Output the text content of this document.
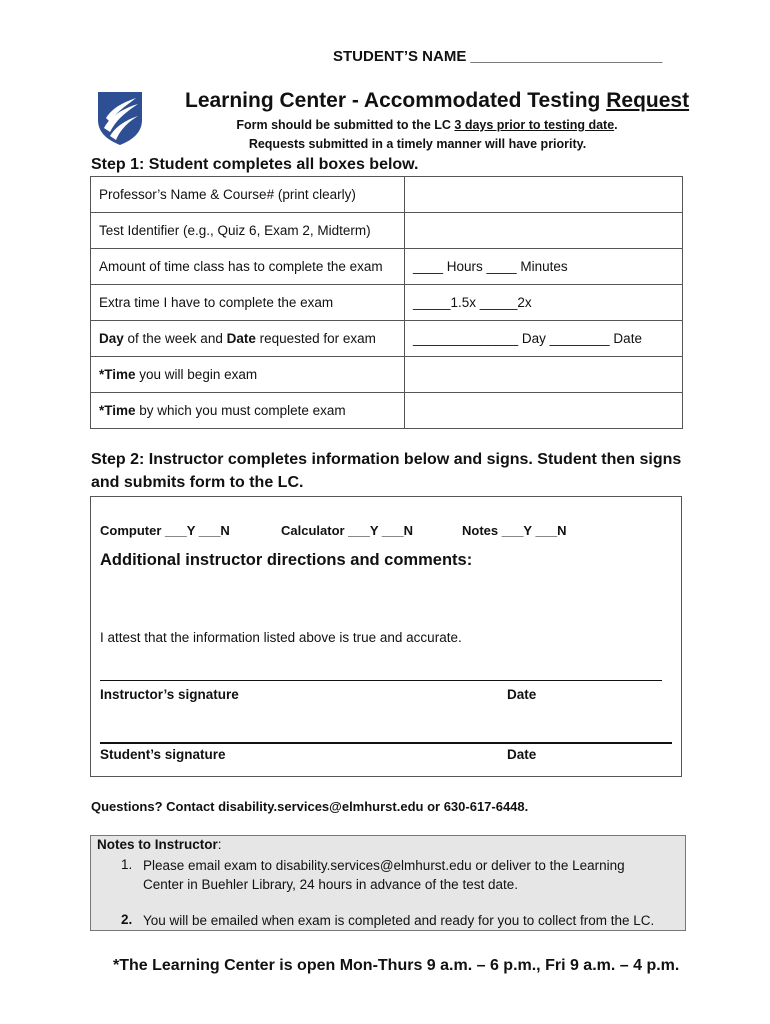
STUDENT’S NAME _______________________
Learning Center - Accommodated Testing Request
Form should be submitted to the LC 3 days prior to testing date.
Requests submitted in a timely manner will have priority.
Step 1: Student completes all boxes below.
Professor’s Name & Course# (print clearly)	
Test Identifier (e.g., Quiz 6, Exam 2, Midterm)	
Amount of time class has to complete the exam	____ Hours ____ Minutes
Extra time I have to complete the exam	_____1.5x _____2x
Day of the week and Date requested for exam	______________ Day ________ Date
*Time you will begin exam	
*Time by which you must complete exam	
Step 2: Instructor completes information below and signs. Student then signs and submits form to the LC.
Computer ___Y ___N	Calculator ___Y ___N	Notes ___Y ___N
Additional instructor directions and comments:
I attest that the information listed above is true and accurate.
Instructor’s signature	Date
Student’s signature	Date
Questions? Contact disability.services@elmhurst.edu or 630-617-6448.
Notes to Instructor:
1. Please email exam to disability.services@elmhurst.edu or deliver to the Learning
Center in Buehler Library, 24 hours in advance of the test date.
2. You will be emailed when exam is completed and ready for you to collect from the LC.
*The Learning Center is open Mon-Thurs 9 a.m. – 6 p.m., Fri 9 a.m. – 4 p.m.
